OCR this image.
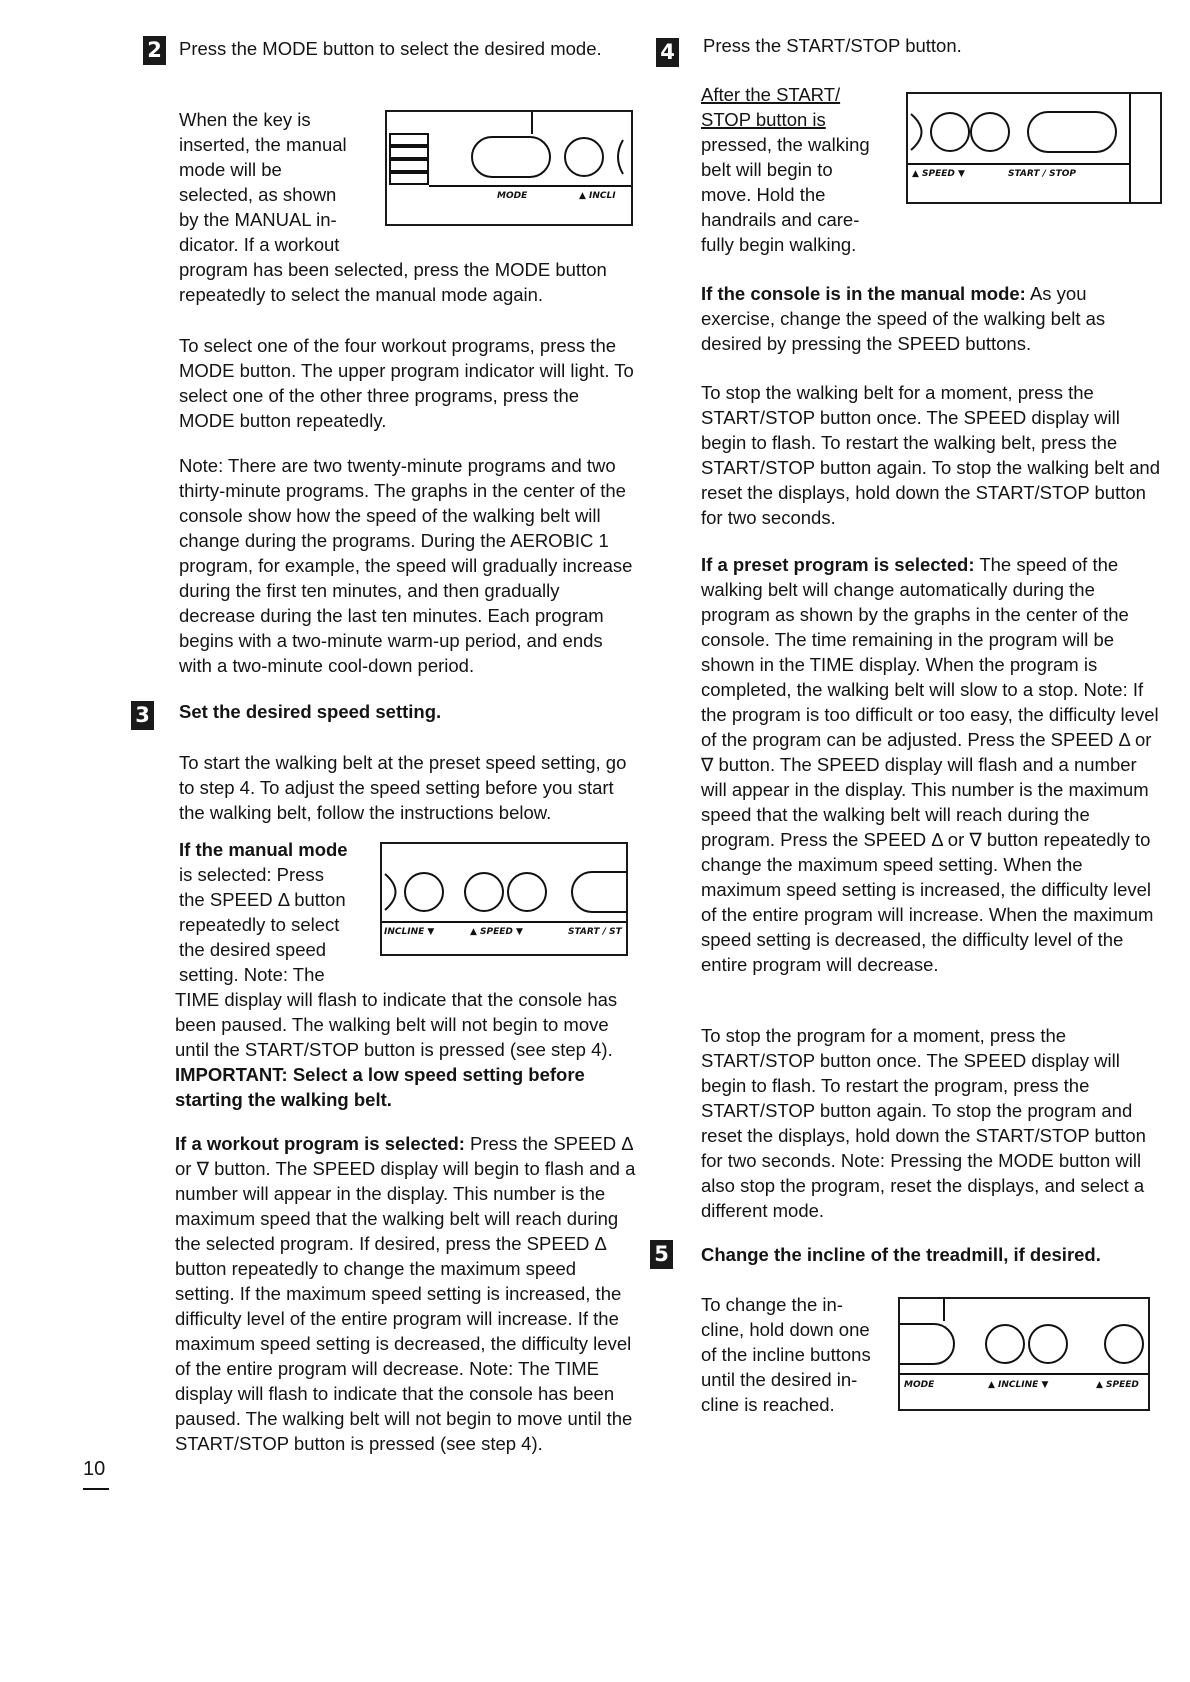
2 Press the MODE button to select the desired mode.
When the key is
inserted, the manual
mode will be
selected, as shown
by the MANUAL in-
dicator. If a workout
MODE	▲ INCLI
program has been selected, press the MODE button repeatedly to select the manual mode again.
To select one of the four workout programs, press the MODE button. The upper program indicator will light. To select one of the other three programs, press the MODE button repeatedly.
Note: There are two twenty-minute programs and two thirty-minute programs. The graphs in the center of the console show how the speed of the walking belt will change during the programs. During the AEROBIC 1 program, for example, the speed will gradually increase during the first ten minutes, and then gradually decrease during the last ten minutes. Each program begins with a two-minute warm-up period, and ends with a two-minute cool-down period.
3 Set the desired speed setting.
To start the walking belt at the preset speed setting, go to step 4. To adjust the speed setting before you start the walking belt, follow the instructions below.
If the manual mode
is selected: Press
the SPEED Δ button
repeatedly to select
the desired speed
setting. Note: The
INCLINE ▼	▲ SPEED ▼	START / ST
TIME display will flash to indicate that the console has been paused. The walking belt will not begin to move until the START/STOP button is pressed (see step 4). IMPORTANT: Select a low speed setting before starting the walking belt.
If a workout program is selected: Press the SPEED Δ or ∇ button. The SPEED display will begin to flash and a number will appear in the display. This number is the maximum speed that the walking belt will reach during the selected program. If desired, press the SPEED Δ button repeatedly to change the maximum speed setting. If the maximum speed setting is increased, the difficulty level of the entire program will increase. If the maximum speed setting is decreased, the difficulty level of the entire program will decrease. Note: The TIME display will flash to indicate that the console has been paused. The walking belt will not begin to move until the START/STOP button is pressed (see step 4).
10
4 Press the START/STOP button.
After the START/
STOP button is
pressed, the walking
belt will begin to
move. Hold the
handrails and care-
fully begin walking.
▲ SPEED ▼	START / STOP
If the console is in the manual mode: As you exercise, change the speed of the walking belt as desired by pressing the SPEED buttons.
To stop the walking belt for a moment, press the START/STOP button once. The SPEED display will begin to flash. To restart the walking belt, press the START/STOP button again. To stop the walking belt and reset the displays, hold down the START/STOP button for two seconds.
If a preset program is selected: The speed of the walking belt will change automatically during the program as shown by the graphs in the center of the console. The time remaining in the program will be shown in the TIME display. When the program is completed, the walking belt will slow to a stop. Note: If the program is too difficult or too easy, the difficulty level of the program can be adjusted. Press the SPEED Δ or ∇ button. The SPEED display will flash and a number will appear in the display. This number is the maximum speed that the walking belt will reach during the program. Press the SPEED Δ or ∇ button repeatedly to change the maximum speed setting. When the maximum speed setting is increased, the difficulty level of the entire program will increase. When the maximum speed setting is decreased, the difficulty level of the entire program will decrease.
To stop the program for a moment, press the START/STOP button once. The SPEED display will begin to flash. To restart the program, press the START/STOP button again. To stop the program and reset the displays, hold down the START/STOP button for two seconds. Note: Pressing the MODE button will also stop the program, reset the displays, and select a different mode.
5 Change the incline of the treadmill, if desired.
To change the in-
cline, hold down one
of the incline buttons
until the desired in-
cline is reached.
MODE	▲ INCLINE ▼	▲ SPEED
